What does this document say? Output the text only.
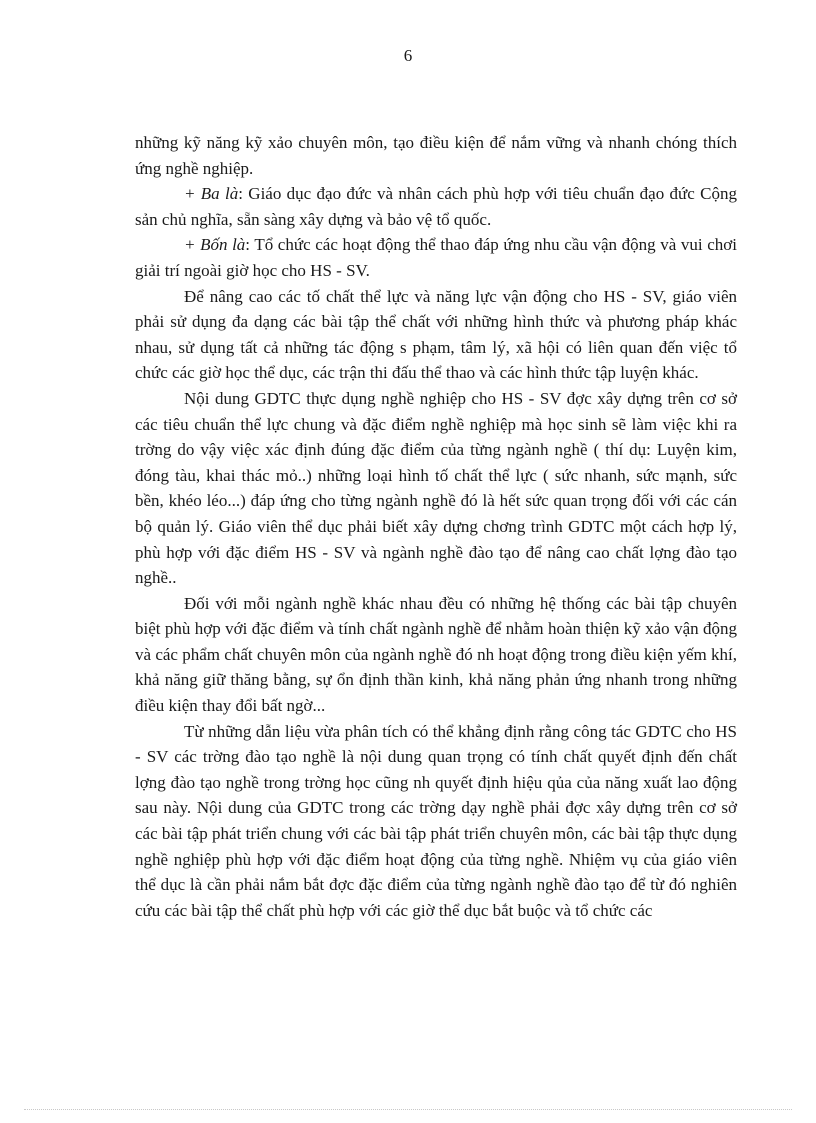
6

những kỹ năng kỹ xảo chuyên môn, tạo điều kiện để nắm vững và nhanh chóng thích ứng nghề nghiệp.

+ Ba là: Giáo dục đạo đức và nhân cách phù hợp với tiêu chuẩn đạo đức Cộng sản chủ nghĩa, sẵn sàng xây dựng và bảo vệ tổ quốc.

+ Bốn là: Tổ chức các hoạt động thể thao đáp ứng nhu cầu vận động và vui chơi giải trí ngoài giờ học cho HS - SV.

Để nâng cao các tố chất thể lực và năng lực vận động cho HS - SV, giáo viên phải sử dụng đa dạng các bài tập thể chất với những hình thức và phương pháp khác nhau, sử dụng tất cả những tác động s phạm, tâm lý, xã hội có liên quan đến việc tổ chức các giờ học thể dục, các trận thi đấu thể thao và các hình thức tập luyện khác.

Nội dung GDTC thực dụng nghề nghiệp cho HS - SV đợc xây dựng trên cơ sở các tiêu chuẩn thể lực chung và đặc điểm nghề nghiệp mà học sinh sẽ làm việc khi ra trờng do vậy việc xác định đúng đặc điểm của từng ngành nghề ( thí dụ: Luyện kim, đóng tàu, khai thác mỏ..) những loại hình tố chất thể lực ( sức nhanh, sức mạnh, sức bền, khéo léo...) đáp ứng cho từng ngành nghề đó là hết sức quan trọng đối với các cán bộ quản lý. Giáo viên thể dục phải biết xây dựng chơng trình GDTC một cách hợp lý, phù hợp với đặc điểm HS - SV và ngành nghề đào tạo để nâng cao chất lợng đào tạo nghề..

Đối với mỗi ngành nghề khác nhau đều có những hệ thống các bài tập chuyên biệt phù hợp với đặc điểm và tính chất ngành nghề để nhằm hoàn thiện kỹ xảo vận động và các phẩm chất chuyên môn của ngành nghề đó nh hoạt động trong điều kiện yếm khí, khả năng giữ thăng bằng, sự ổn định thần kinh, khả năng phản ứng nhanh trong những điều kiện thay đổi bất ngờ...

Từ những dẫn liệu vừa phân tích có thể khẳng định rằng công tác GDTC cho HS - SV các trờng đào tạo nghề là nội dung quan trọng có tính chất quyết định đến chất lợng đào tạo nghề trong trờng học cũng nh quyết định hiệu qủa của năng xuất lao động sau này. Nội dung của GDTC trong các trờng dạy nghề phải đợc xây dựng trên cơ sở các bài tập phát triển chung với các bài tập phát triển chuyên môn, các bài tập thực dụng nghề nghiệp phù hợp với đặc điểm hoạt động của từng nghề. Nhiệm vụ của giáo viên thể dục là cần phải nắm bắt đợc đặc điểm của từng ngành nghề đào tạo để từ đó nghiên cứu các bài tập thể chất phù hợp với các giờ thể dục bắt buộc và tổ chức các
